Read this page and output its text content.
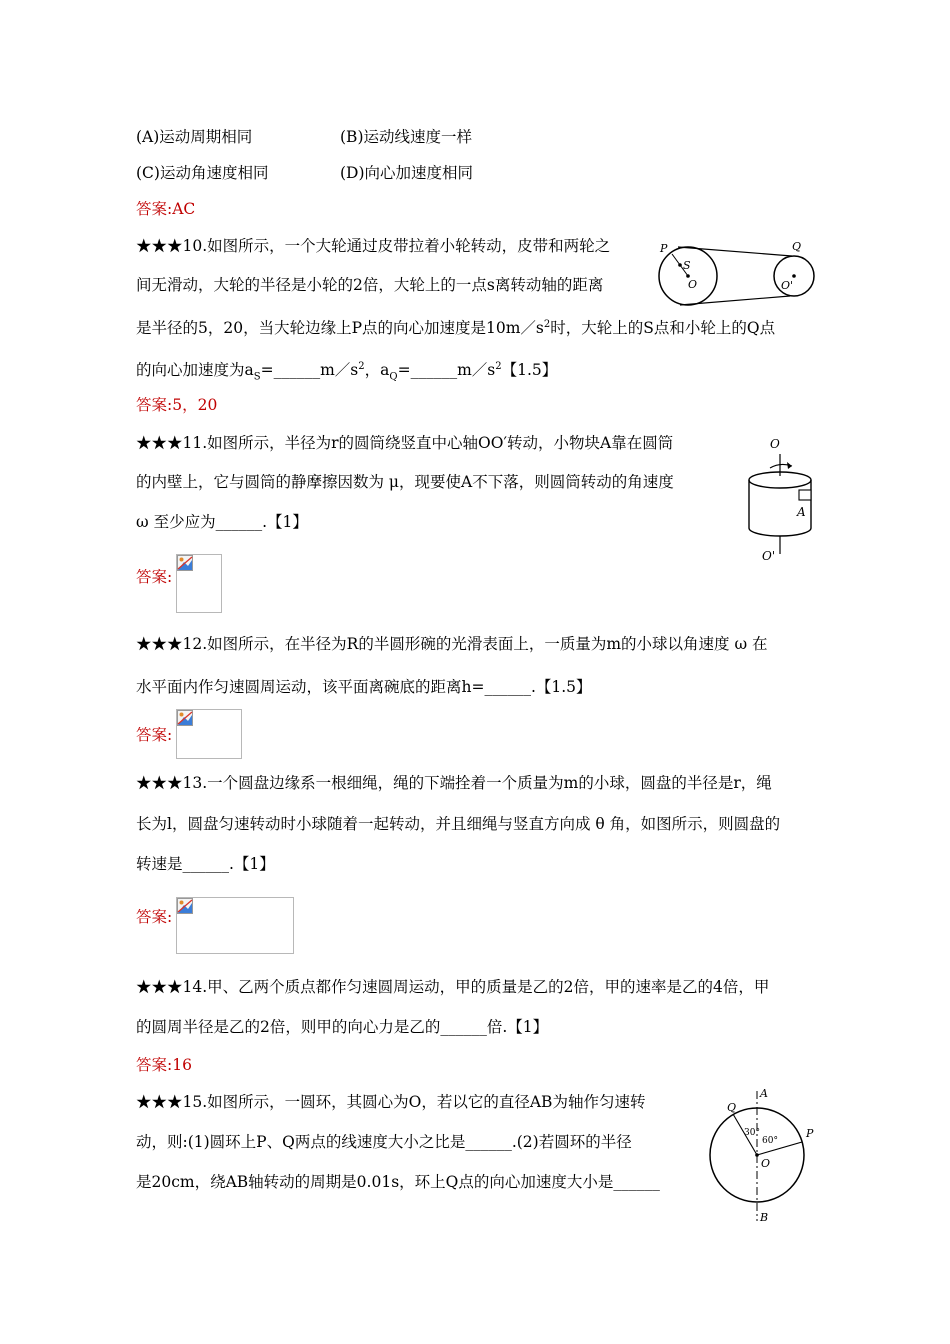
(A)运动周期相同	(B)运动线速度一样
(C)运动角速度相同	(D)向心加速度相同
答案:AC
★★★10.如图所示，一个大轮通过皮带拉着小轮转动，皮带和两轮之
间无滑动，大轮的半径是小轮的2倍，大轮上的一点s离转动轴的距离
是半径的5，20，当大轮边缘上P点的向心加速度是$10m/s^2$时，大轮上的S点和小轮上的Q点
的向心加速度为$a_S=\_\_\_\_\_\_m/s^2$，$a_Q=\_\_\_\_\_\_m/s^2$【1.5】
答案:5，20
P
S
O
Q
O'
★★★11.如图所示，半径为r的圆筒绕竖直中心轴OO′转动，小物块A靠在圆筒
的内壁上，它与圆筒的静摩擦因数为 μ，现要使A不下落，则圆筒转动的角速度
ω 至少应为______.【1】
O
A
O'
答案:
★★★12.如图所示，在半径为R的半圆形碗的光滑表面上，一质量为m的小球以角速度 ω 在
水平面内作匀速圆周运动，该平面离碗底的距离h=______.【1.5】
答案:
★★★13.一个圆盘边缘系一根细绳，绳的下端拴着一个质量为m的小球，圆盘的半径是r，绳
长为l，圆盘匀速转动时小球随着一起转动，并且细绳与竖直方向成 θ 角，如图所示，则圆盘的
转速是______.【1】
答案:
★★★14.甲、乙两个质点都作匀速圆周运动，甲的质量是乙的2倍，甲的速率是乙的4倍，甲
的圆周半径是乙的2倍，则甲的向心力是乙的______倍.【1】
答案:16
★★★15.如图所示，一圆环，其圆心为O，若以它的直径AB为轴作匀速转
动，则:(1)圆环上P、Q两点的线速度大小之比是______.(2)若圆环的半径
是20cm，绕AB轴转动的周期是0.01s，环上Q点的向心加速度大小是______
A
B
O
P
Q
30°
60°
